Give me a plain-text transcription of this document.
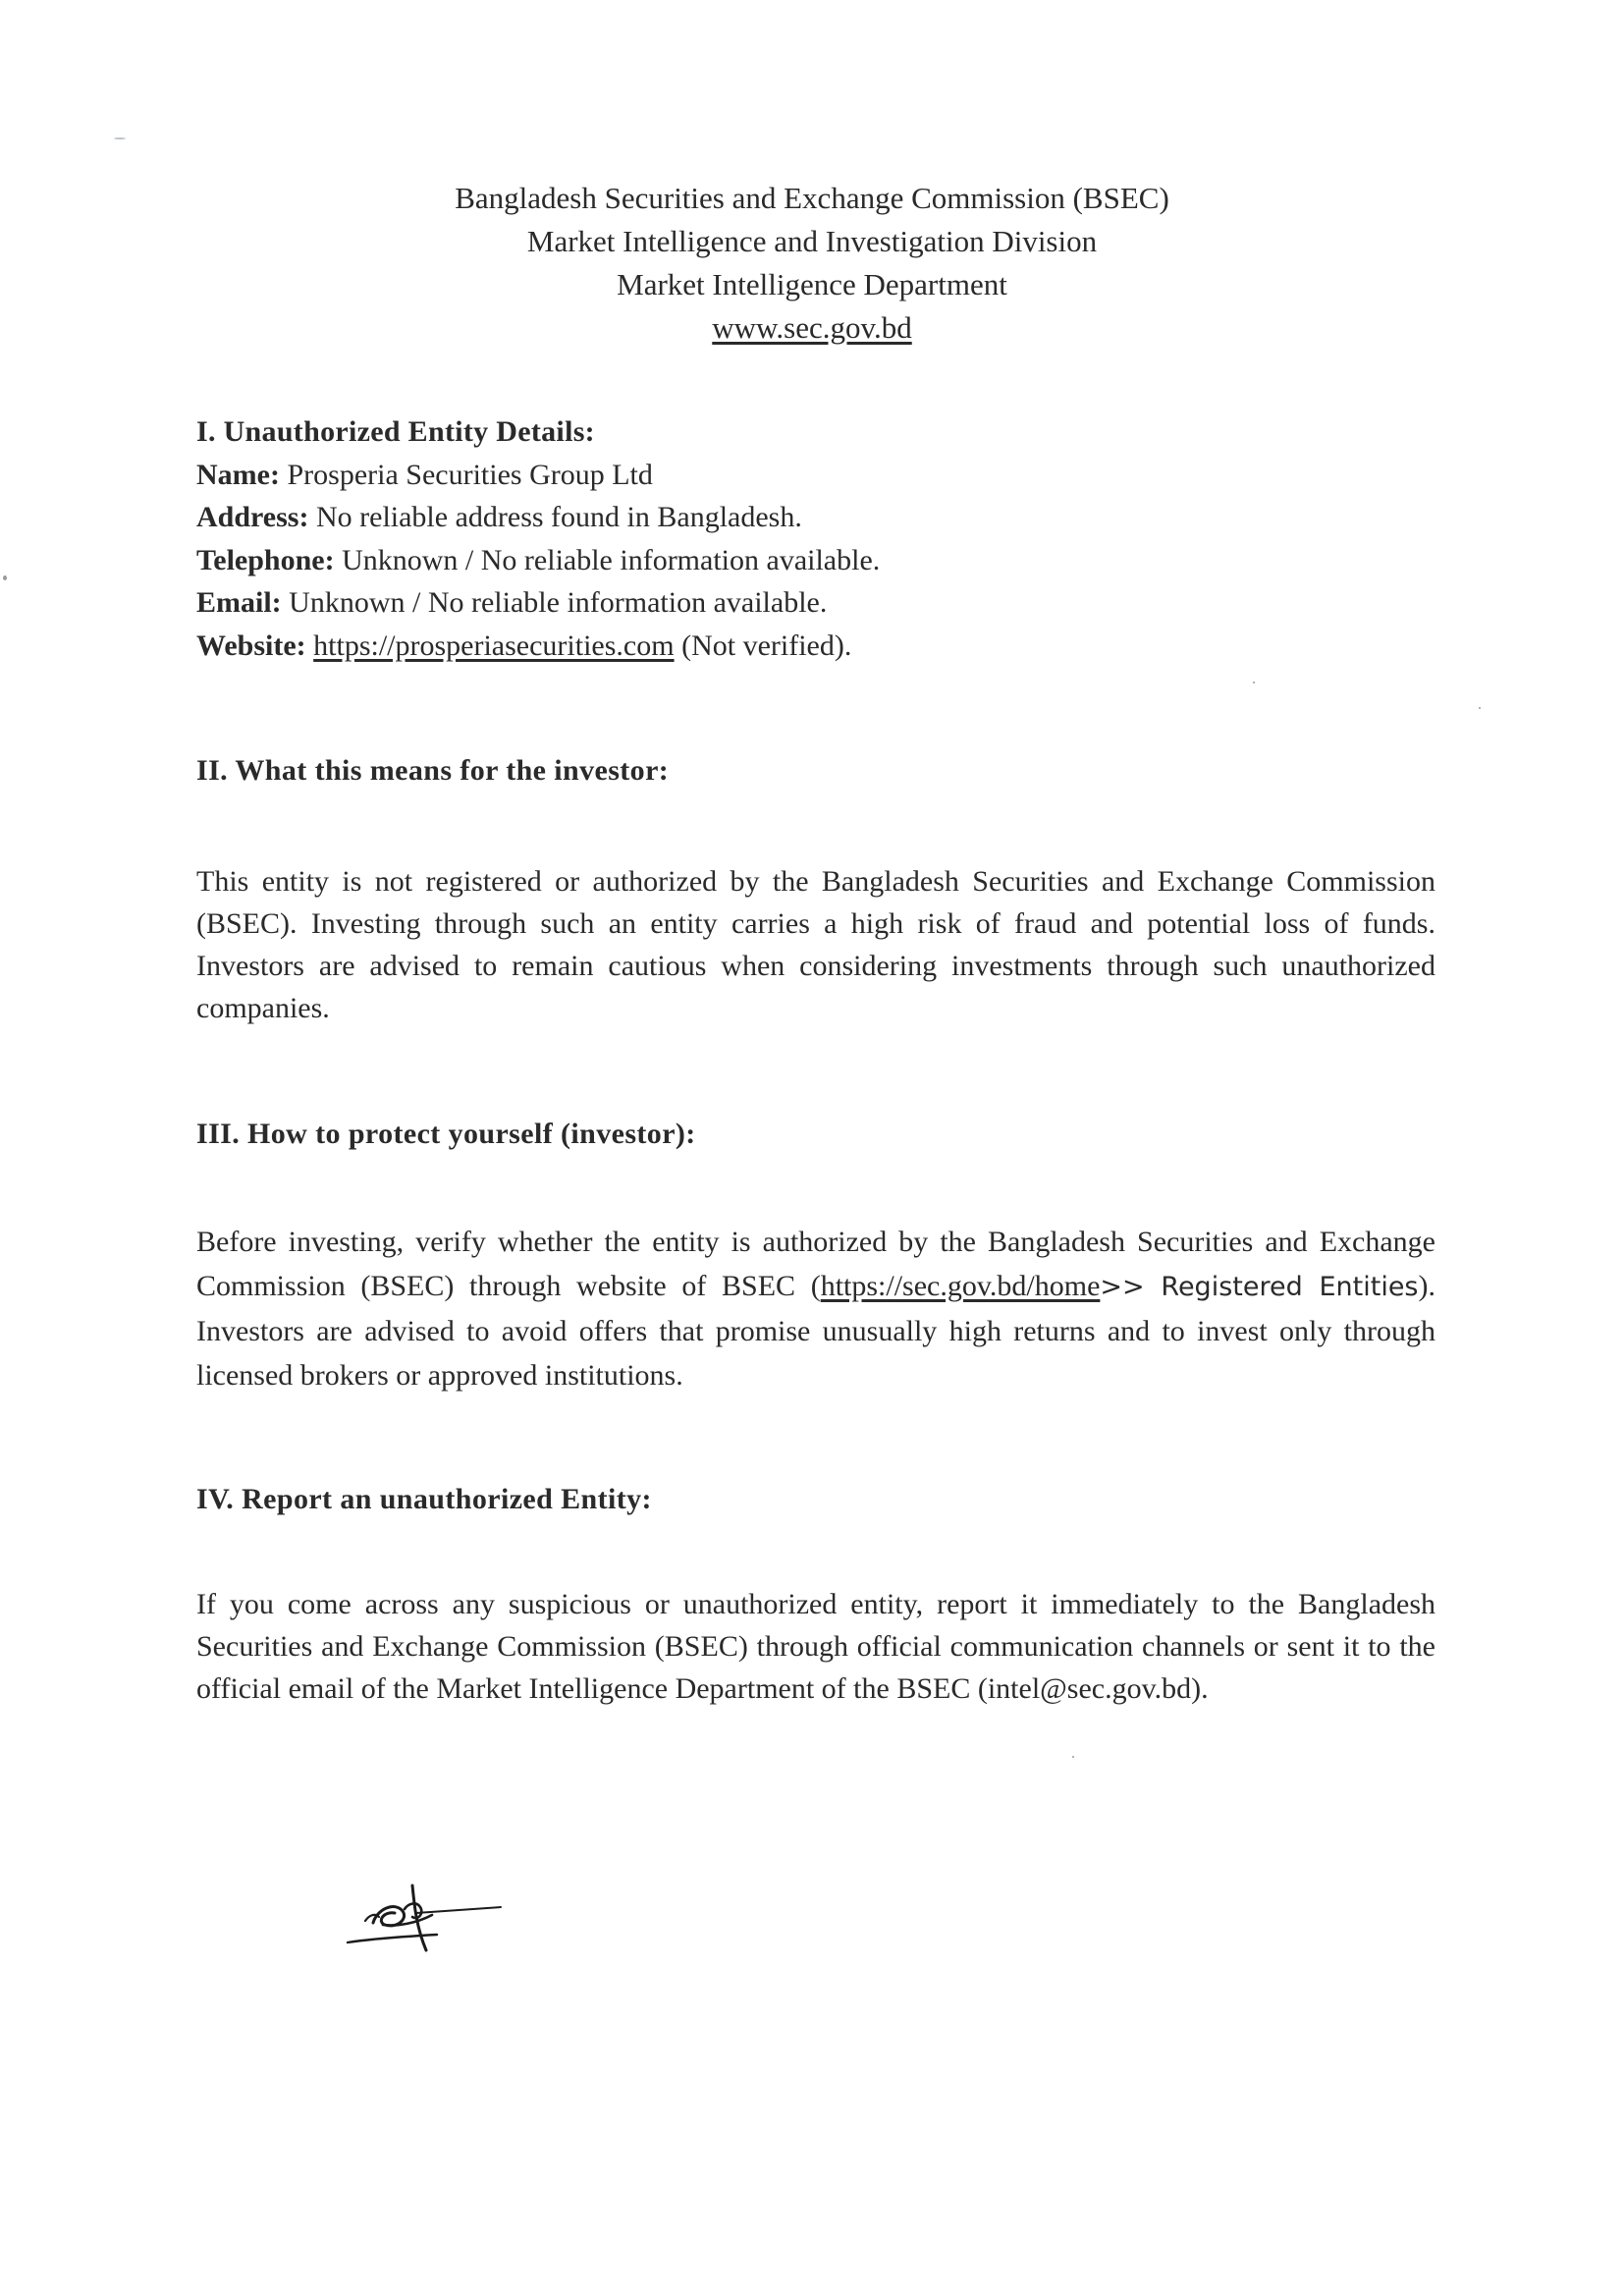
Bangladesh Securities and Exchange Commission (BSEC)
Market Intelligence and Investigation Division
Market Intelligence Department
www.sec.gov.bd
I. Unauthorized Entity Details:
Name: Prosperia Securities Group Ltd
Address: No reliable address found in Bangladesh.
Telephone: Unknown / No reliable information available.
Email: Unknown / No reliable information available.
Website: https://prosperiasecurities.com (Not verified).
II. What this means for the investor:
This entity is not registered or authorized by the Bangladesh Securities and Exchange Commission (BSEC). Investing through such an entity carries a high risk of fraud and potential loss of funds. Investors are advised to remain cautious when considering investments through such unauthorized companies.
III. How to protect yourself (investor):
Before investing, verify whether the entity is authorized by the Bangladesh Securities and Exchange Commission (BSEC) through website of BSEC (https://sec.gov.bd/home>> Registered Entities). Investors are advised to avoid offers that promise unusually high returns and to invest only through licensed brokers or approved institutions.
IV. Report an unauthorized Entity:
If you come across any suspicious or unauthorized entity, report it immediately to the Bangladesh Securities and Exchange Commission (BSEC) through official communication channels or sent it to the official email of the Market Intelligence Department of the BSEC (intel@sec.gov.bd).
